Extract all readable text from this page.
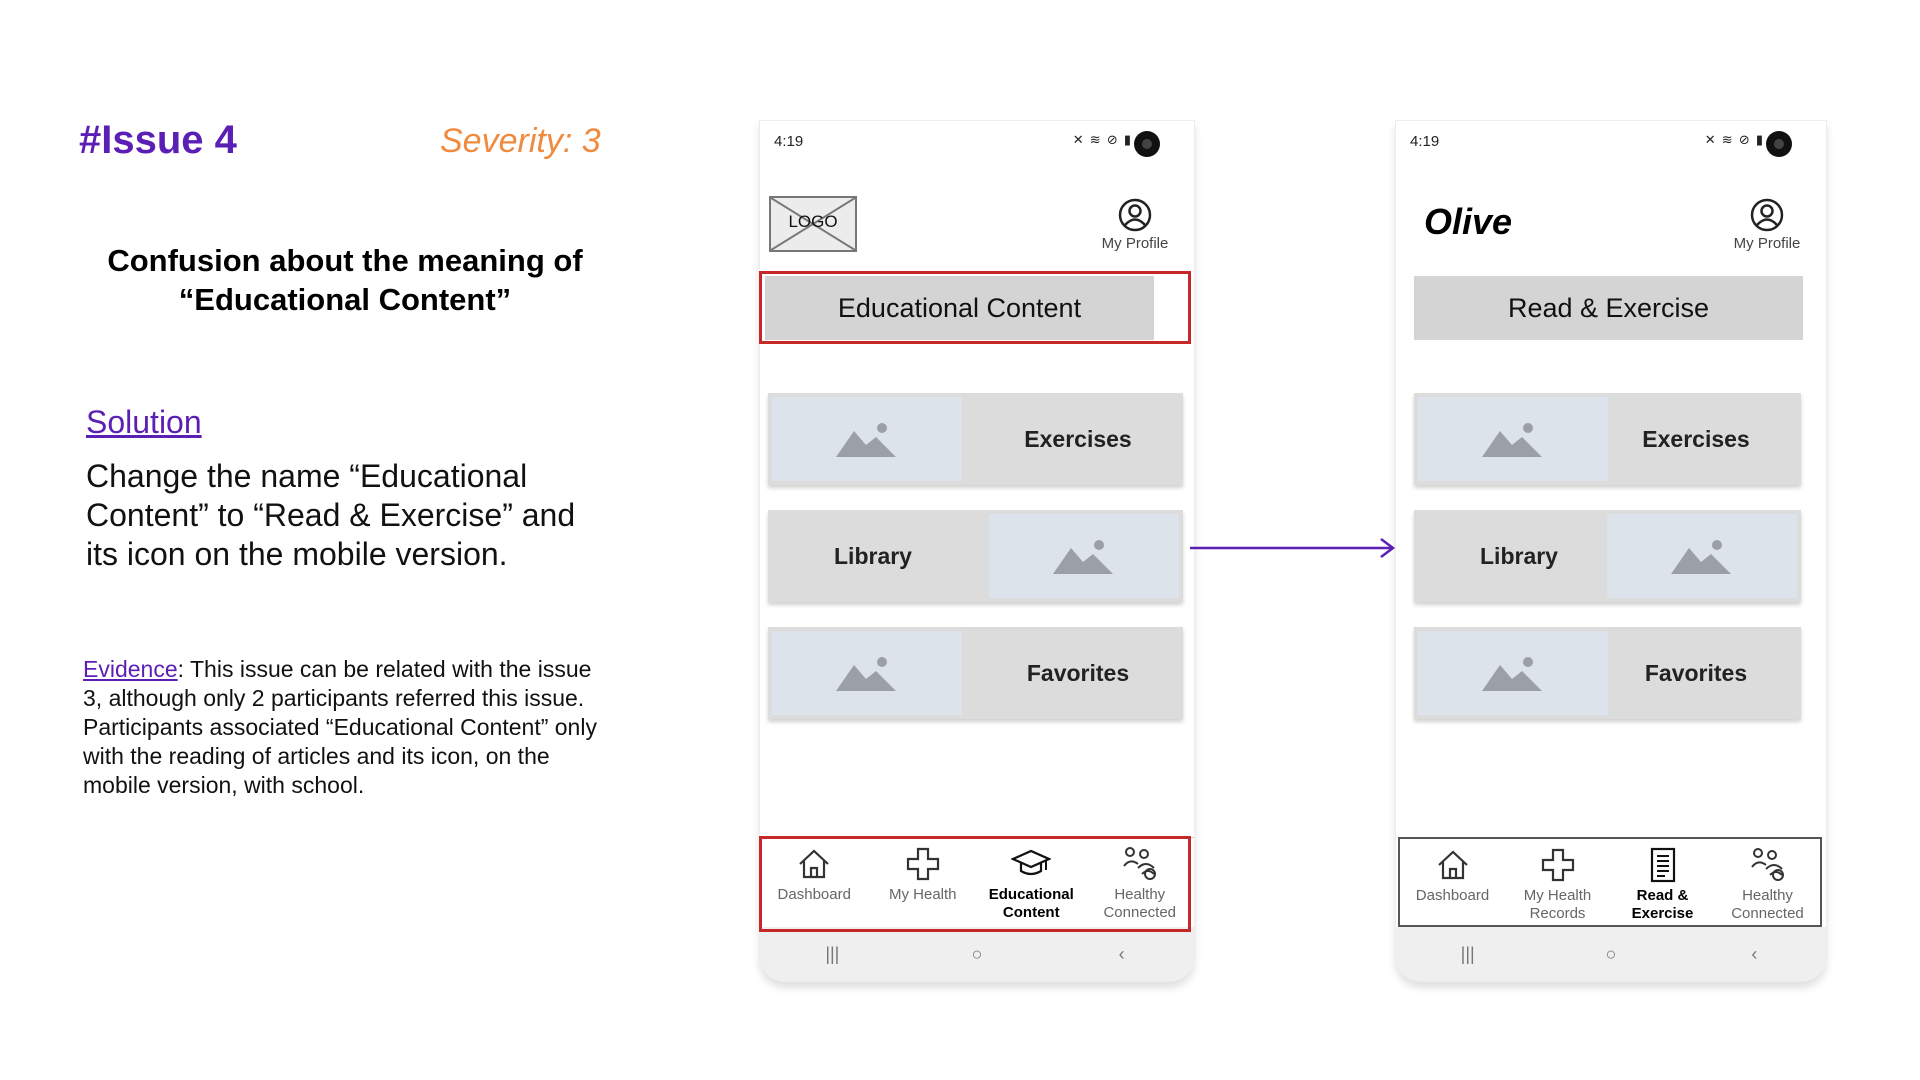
#Issue 4	Severity: 3
Confusion about the meaning of
“Educational Content”
Solution
Change the name “Educational Content” to “Read & Exercise” and its icon on the mobile version.
Evidence: This issue can be related with the issue 3, although only 2 participants referred this issue. Participants associated “Educational Content” only with the reading of articles and its icon, on the mobile version, with school.
4:19	✕ ≋ ⊘ ▮
LOGO
My Profile
Educational Content
Exercises
Library
Favorites
Dashboard	My Health	Educational Content
Healthy Connected
|||	○	‹
4:19	✕ ≋ ⊘ ▮
Olive
My Profile
Read & Exercise
Exercises
Library
Favorites
Dashboard	My Health Records
Read & Exercise
Healthy Connected
|||	○	‹
